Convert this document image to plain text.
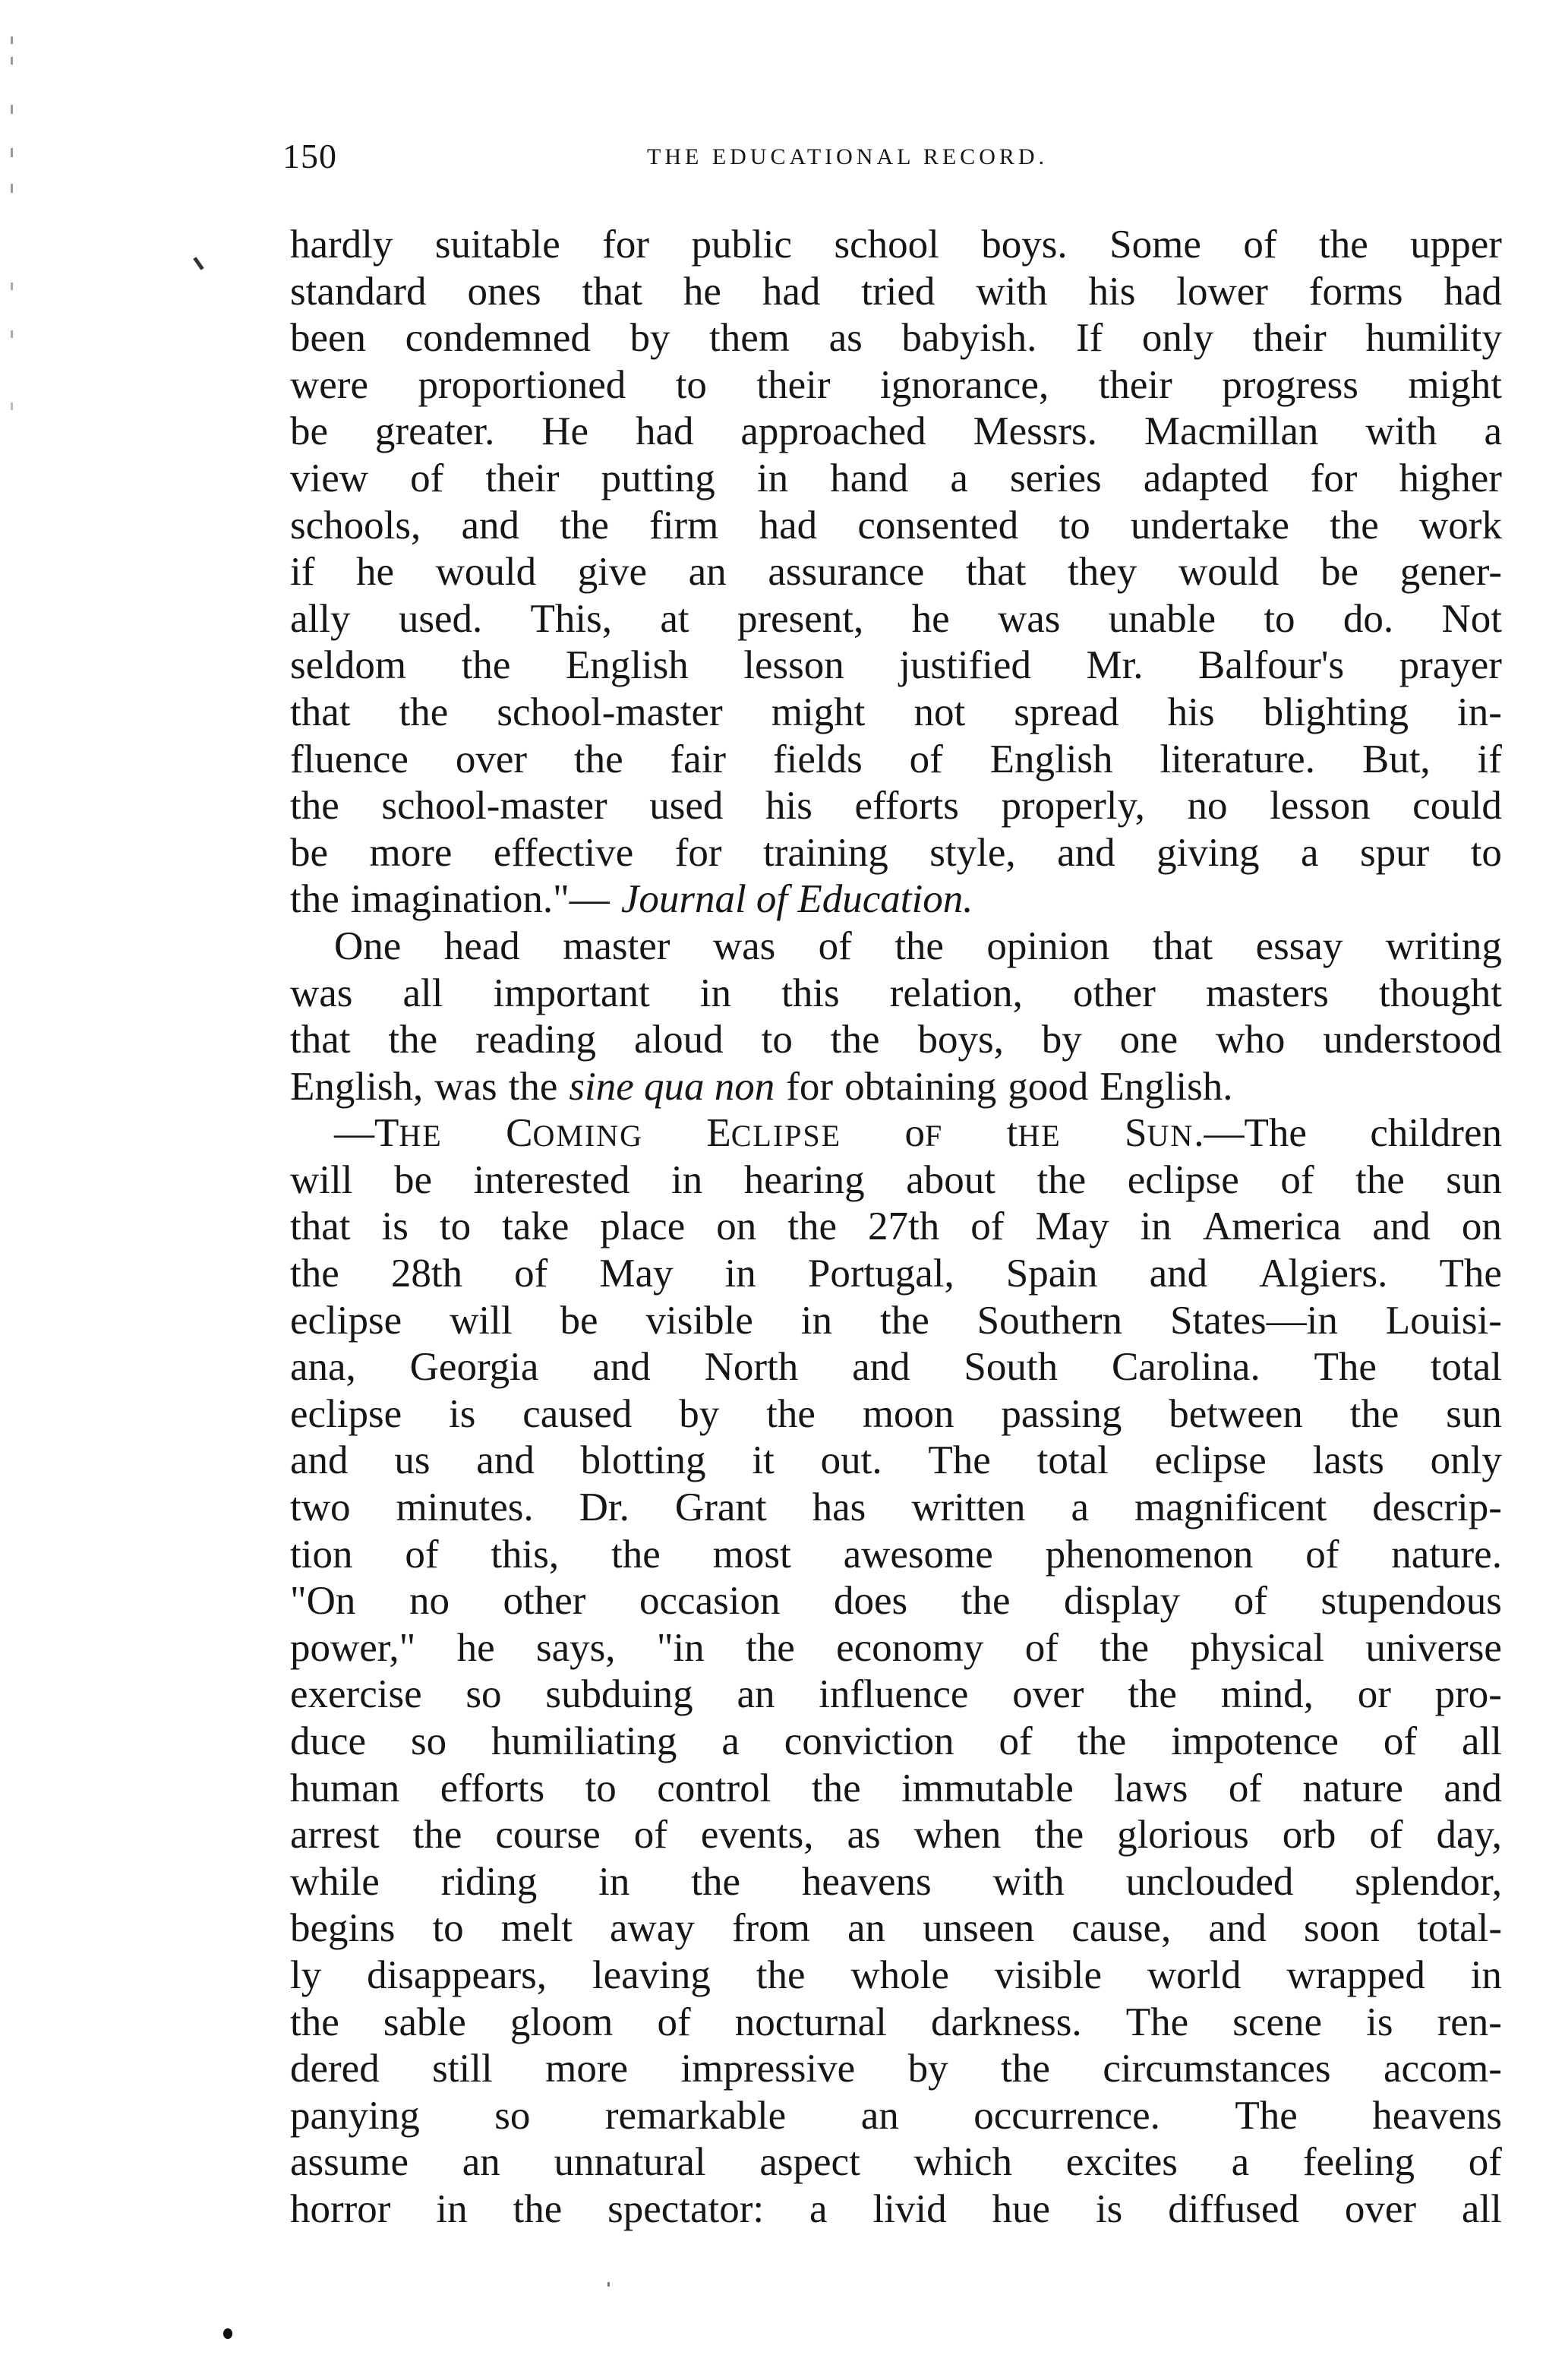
150	THE EDUCATIONAL RECORD.
hardly suitable for public school boys. Some of the upper
standard ones that he had tried with his lower forms had
been condemned by them as babyish. If only their humility
were proportioned to their ignorance, their progress might
be greater. He had approached Messrs. Macmillan with a
view of their putting in hand a series adapted for higher
schools, and the firm had consented to undertake the work
if he would give an assurance that they would be gener-
ally used. This, at present, he was unable to do. Not
seldom the English lesson justified Mr. Balfour's prayer
that the school-master might not spread his blighting in-
fluence over the fair fields of English literature. But, if
the school-master used his efforts properly, no lesson could
be more effective for training style, and giving a spur to
the imagination."— Journal of Education.
One head master was of the opinion that essay writing
was all important in this relation, other masters thought
that the reading aloud to the boys, by one who understood
English, was the sine qua non for obtaining good English.
—THE COMING ECLIPSE oF tHE SUN.—The children
will be interested in hearing about the eclipse of the sun
that is to take place on the 27th of May in America and on
the 28th of May in Portugal, Spain and Algiers. The
eclipse will be visible in the Southern States—in Louisi-
ana, Georgia and North and South Carolina. The total
eclipse is caused by the moon passing between the sun
and us and blotting it out. The total eclipse lasts only
two minutes. Dr. Grant has written a magnificent descrip-
tion of this, the most awesome phenomenon of nature.
"On no other occasion does the display of stupendous
power," he says, "in the economy of the physical universe
exercise so subduing an influence over the mind, or pro-
duce so humiliating a conviction of the impotence of all
human efforts to control the immutable laws of nature and
arrest the course of events, as when the glorious orb of day,
while riding in the heavens with unclouded splendor,
begins to melt away from an unseen cause, and soon total-
ly disappears, leaving the whole visible world wrapped in
the sable gloom of nocturnal darkness. The scene is ren-
dered still more impressive by the circumstances accom-
panying so remarkable an occurrence. The heavens
assume an unnatural aspect which excites a feeling of
horror in the spectator: a livid hue is diffused over all
